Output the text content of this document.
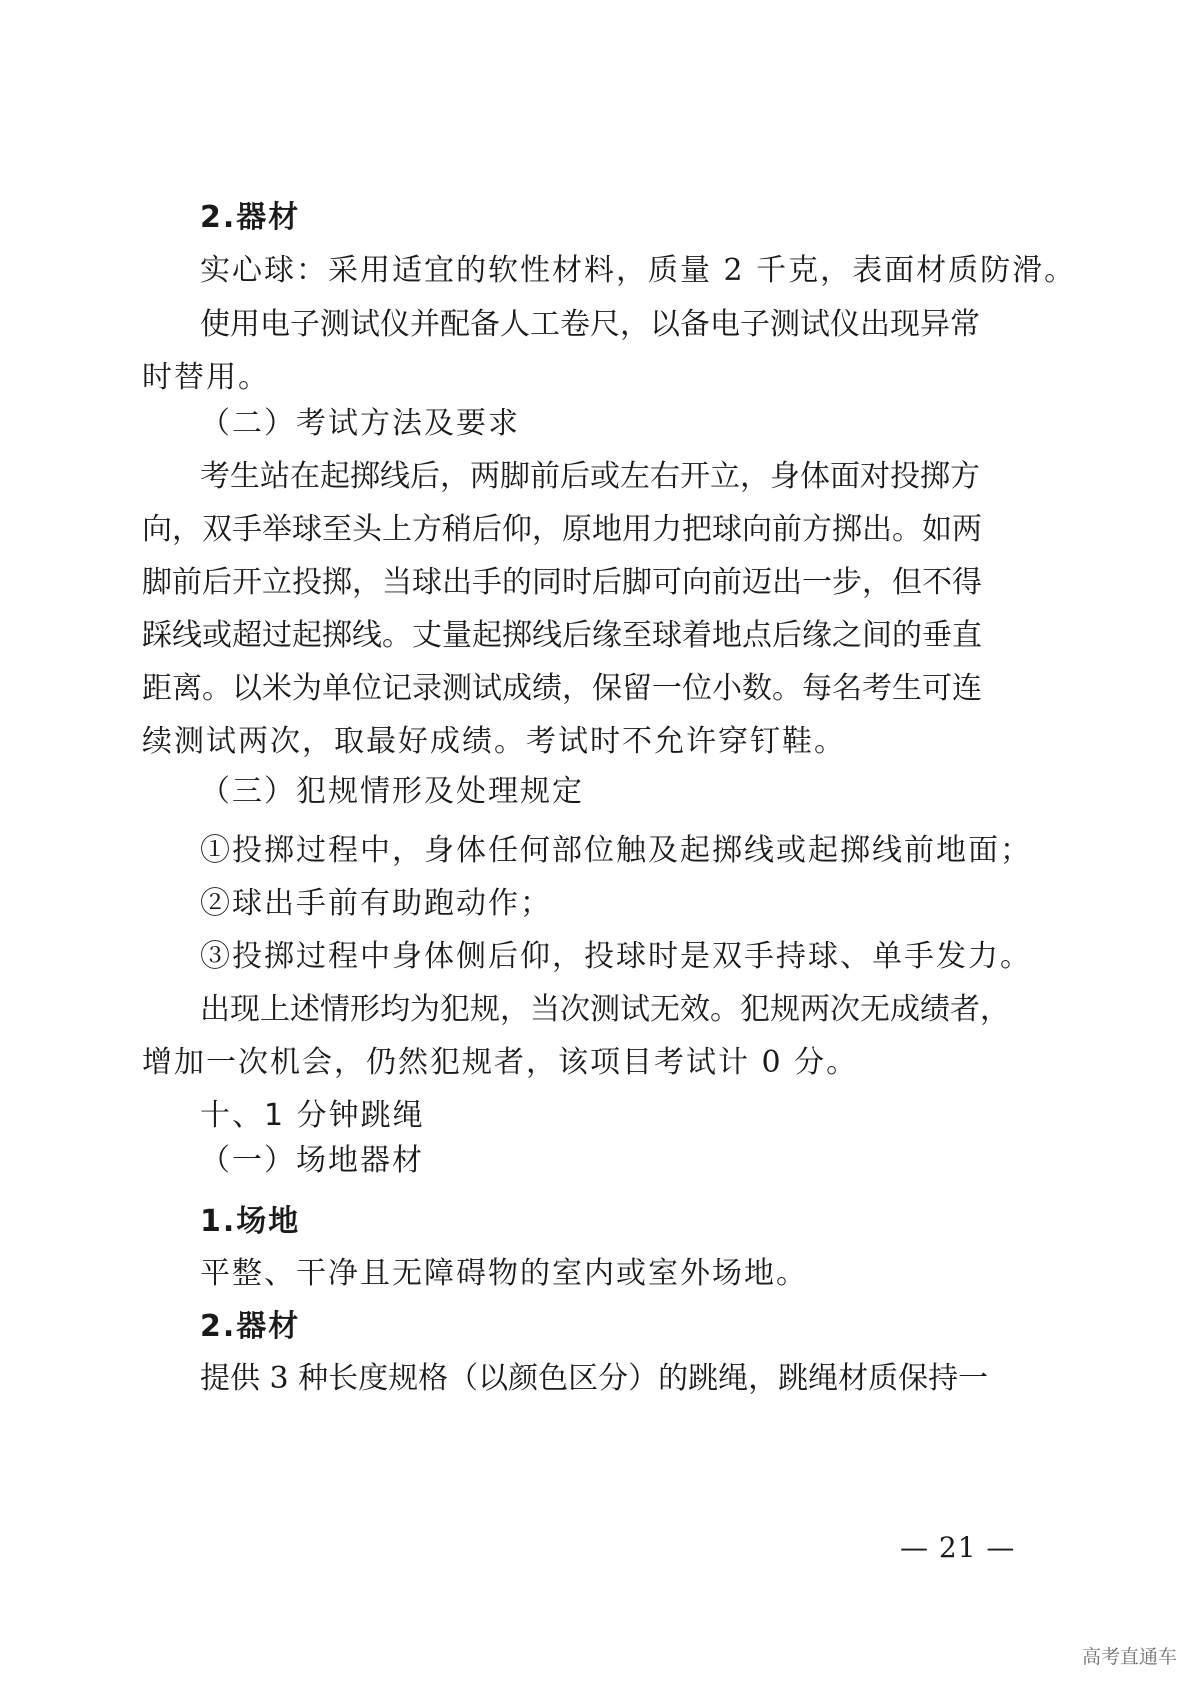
2.器材
实心球：采用适宜的软性材料，质量 2 千克，表面材质防滑。
使用电子测试仪并配备人工卷尺，以备电子测试仪出现异常
时替用。
（二）考试方法及要求
考生站在起掷线后，两脚前后或左右开立，身体面对投掷方
向，双手举球至头上方稍后仰，原地用力把球向前方掷出。如两
脚前后开立投掷，当球出手的同时后脚可向前迈出一步，但不得
踩线或超过起掷线。丈量起掷线后缘至球着地点后缘之间的垂直
距离。以米为单位记录测试成绩，保留一位小数。每名考生可连
续测试两次，取最好成绩。考试时不允许穿钉鞋。
（三）犯规情形及处理规定
①投掷过程中，身体任何部位触及起掷线或起掷线前地面；
②球出手前有助跑动作；
③投掷过程中身体侧后仰，投球时是双手持球、单手发力。
出现上述情形均为犯规，当次测试无效。犯规两次无成绩者，
增加一次机会，仍然犯规者，该项目考试计 0 分。
十、1 分钟跳绳
（一）场地器材
1.场地
平整、干净且无障碍物的室内或室外场地。
2.器材
提供 3 种长度规格（以颜色区分）的跳绳，跳绳材质保持一
— 21 —
高考直通车
